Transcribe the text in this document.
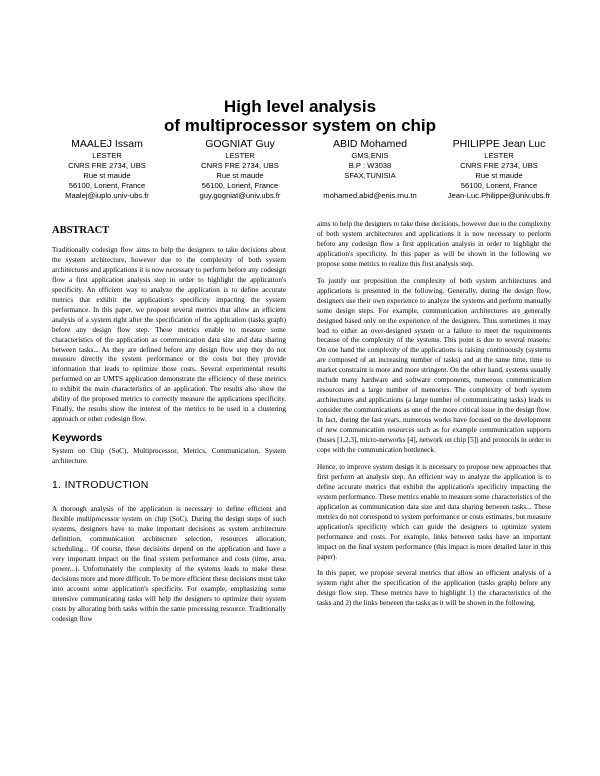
High level analysis
of multiprocessor system on chip
MAALEJ Issam
LESTER
CNRS FRE 2734, UBS
Rue st maude
56100, Lorient, France
Maalej@iuplo.univ-ubs.fr
GOGNIAT Guy
LESTER
CNRS FRE 2734, UBS
Rue st maude
56100, Lorient, France
guy.gogniat@univ.ubs.fr
ABID Mohamed
GMS,ENIS
B.P : W3038
SFAX,TUNISIA

mohamed.abid@enis.rnu.tn
PHILIPPE Jean Luc
LESTER
CNRS FRE 2734, UBS
Rue st maude
56100, Lorient, France
Jean-Luc.Philippe@univ.ubs.fr
ABSTRACT

Traditionally codesign flow aims to help the designers to take decisions about the system architecture, however due to the complexity of both system architectures and applications it is now necessary to perform before any codesign flow a first application analysis step in order to highlight the application's specificity. An efficient way to analyze the application is to define accurate metrics that exhibit the application's specificity impacting the system performance. In this paper, we propose several metrics that allow an efficient analysis of a system right after the specification of the application (tasks graph) before any design flow step. These metrics enable to measure some characteristics of the application as communication data size and data sharing between tasks... As they are defined before any design flow step they do not measure directly the system performance or the costs but they provide information that leads to optimize those costs. Several experimental results performed on an UMTS application demonstrate the efficiency of these metrics to exhibit the main characteristics of an application. The results also show the ability of the proposed metrics to correctly measure the applications specificity. Finally, the results show the interest of the metrics to be used in a clustering approach or other codesign flow.

Keywords

System on Chip (SoC), Multiprocessor, Metrics, Communication, System architecture.

1. INTRODUCTION

A thorough analysis of the application is necessary to define efficient and flexible multiprocessor system on chip (SoC). During the design steps of such systems, designers have to make important decisions as system architecture definition, communication architecture selection, resources allocation, scheduling... Of course, these decisions depend on the application and have a very important impact on the final system performance and costs (time, area, power...). Unfortunately the complexity of the systems leads to make these decisions more and more difficult. To be more efficient these decisions must take into account some application's specificity. For example, emphasizing some intensive communicating tasks will help the designers to optimize their system costs by allocating both tasks within the same processing resource. Traditionally codesign flow

aims to help the designers to take these decisions, however due to the complexity of both system architectures and applications it is now necessary to perform before any codesign flow a first application analysis in order to highlight the application's specificity. In this paper as will be shown in the following we propose some metrics to realize this first analysis step.

To justify our proposition the complexity of both system architectures and applications is presented in the following. Generally, during the design flow, designers use their own experience to analyze the systems and perform manually some design steps. For example, communication architectures are generally designed based only on the experience of the designers. Thus sometimes it may lead to either an over-designed system or a failure to meet the requirements because of the complexity of the systems. This point is due to several reasons: On one hand the complexity of the applications is raising continuously (systems are composed of an increasing number of tasks) and at the same time, time to market constraint is more and more stringent. On the other hand, systems usually include many hardware and software components, numerous communication resources and a large number of memories. The complexity of both system architectures and applications (a large number of communicating tasks) leads to consider the communications as one of the more critical issue in the design flow. In fact, during the last years, numerous works have focused on the development of new communication resources such as for example communication supports (buses [1,2,3], micro-networks [4], network on chip [5]) and protocols in order to cope with the communication bottleneck.

Hence, to improve system design it is necessary to propose new approaches that first perform an analysis step. An efficient way to analyze the application is to define accurate metrics that exhibit the application's specificity impacting the system performance. These metrics enable to measure some characteristics of the application as communication data size and data sharing between tasks... These metrics do not correspond to system performance or costs estimates, but measure application's specificity which can guide the designers to optimize system performance and costs. For example, links between tasks have an important impact on the final system performance (this impact is more detailed later in this paper).

In this paper, we propose several metrics that allow an efficient analysis of a system right after the specification of the application (tasks graph) before any design flow step. These metrics have to highlight 1) the characteristics of the tasks and 2) the links between the tasks as it will be shown in the following.
